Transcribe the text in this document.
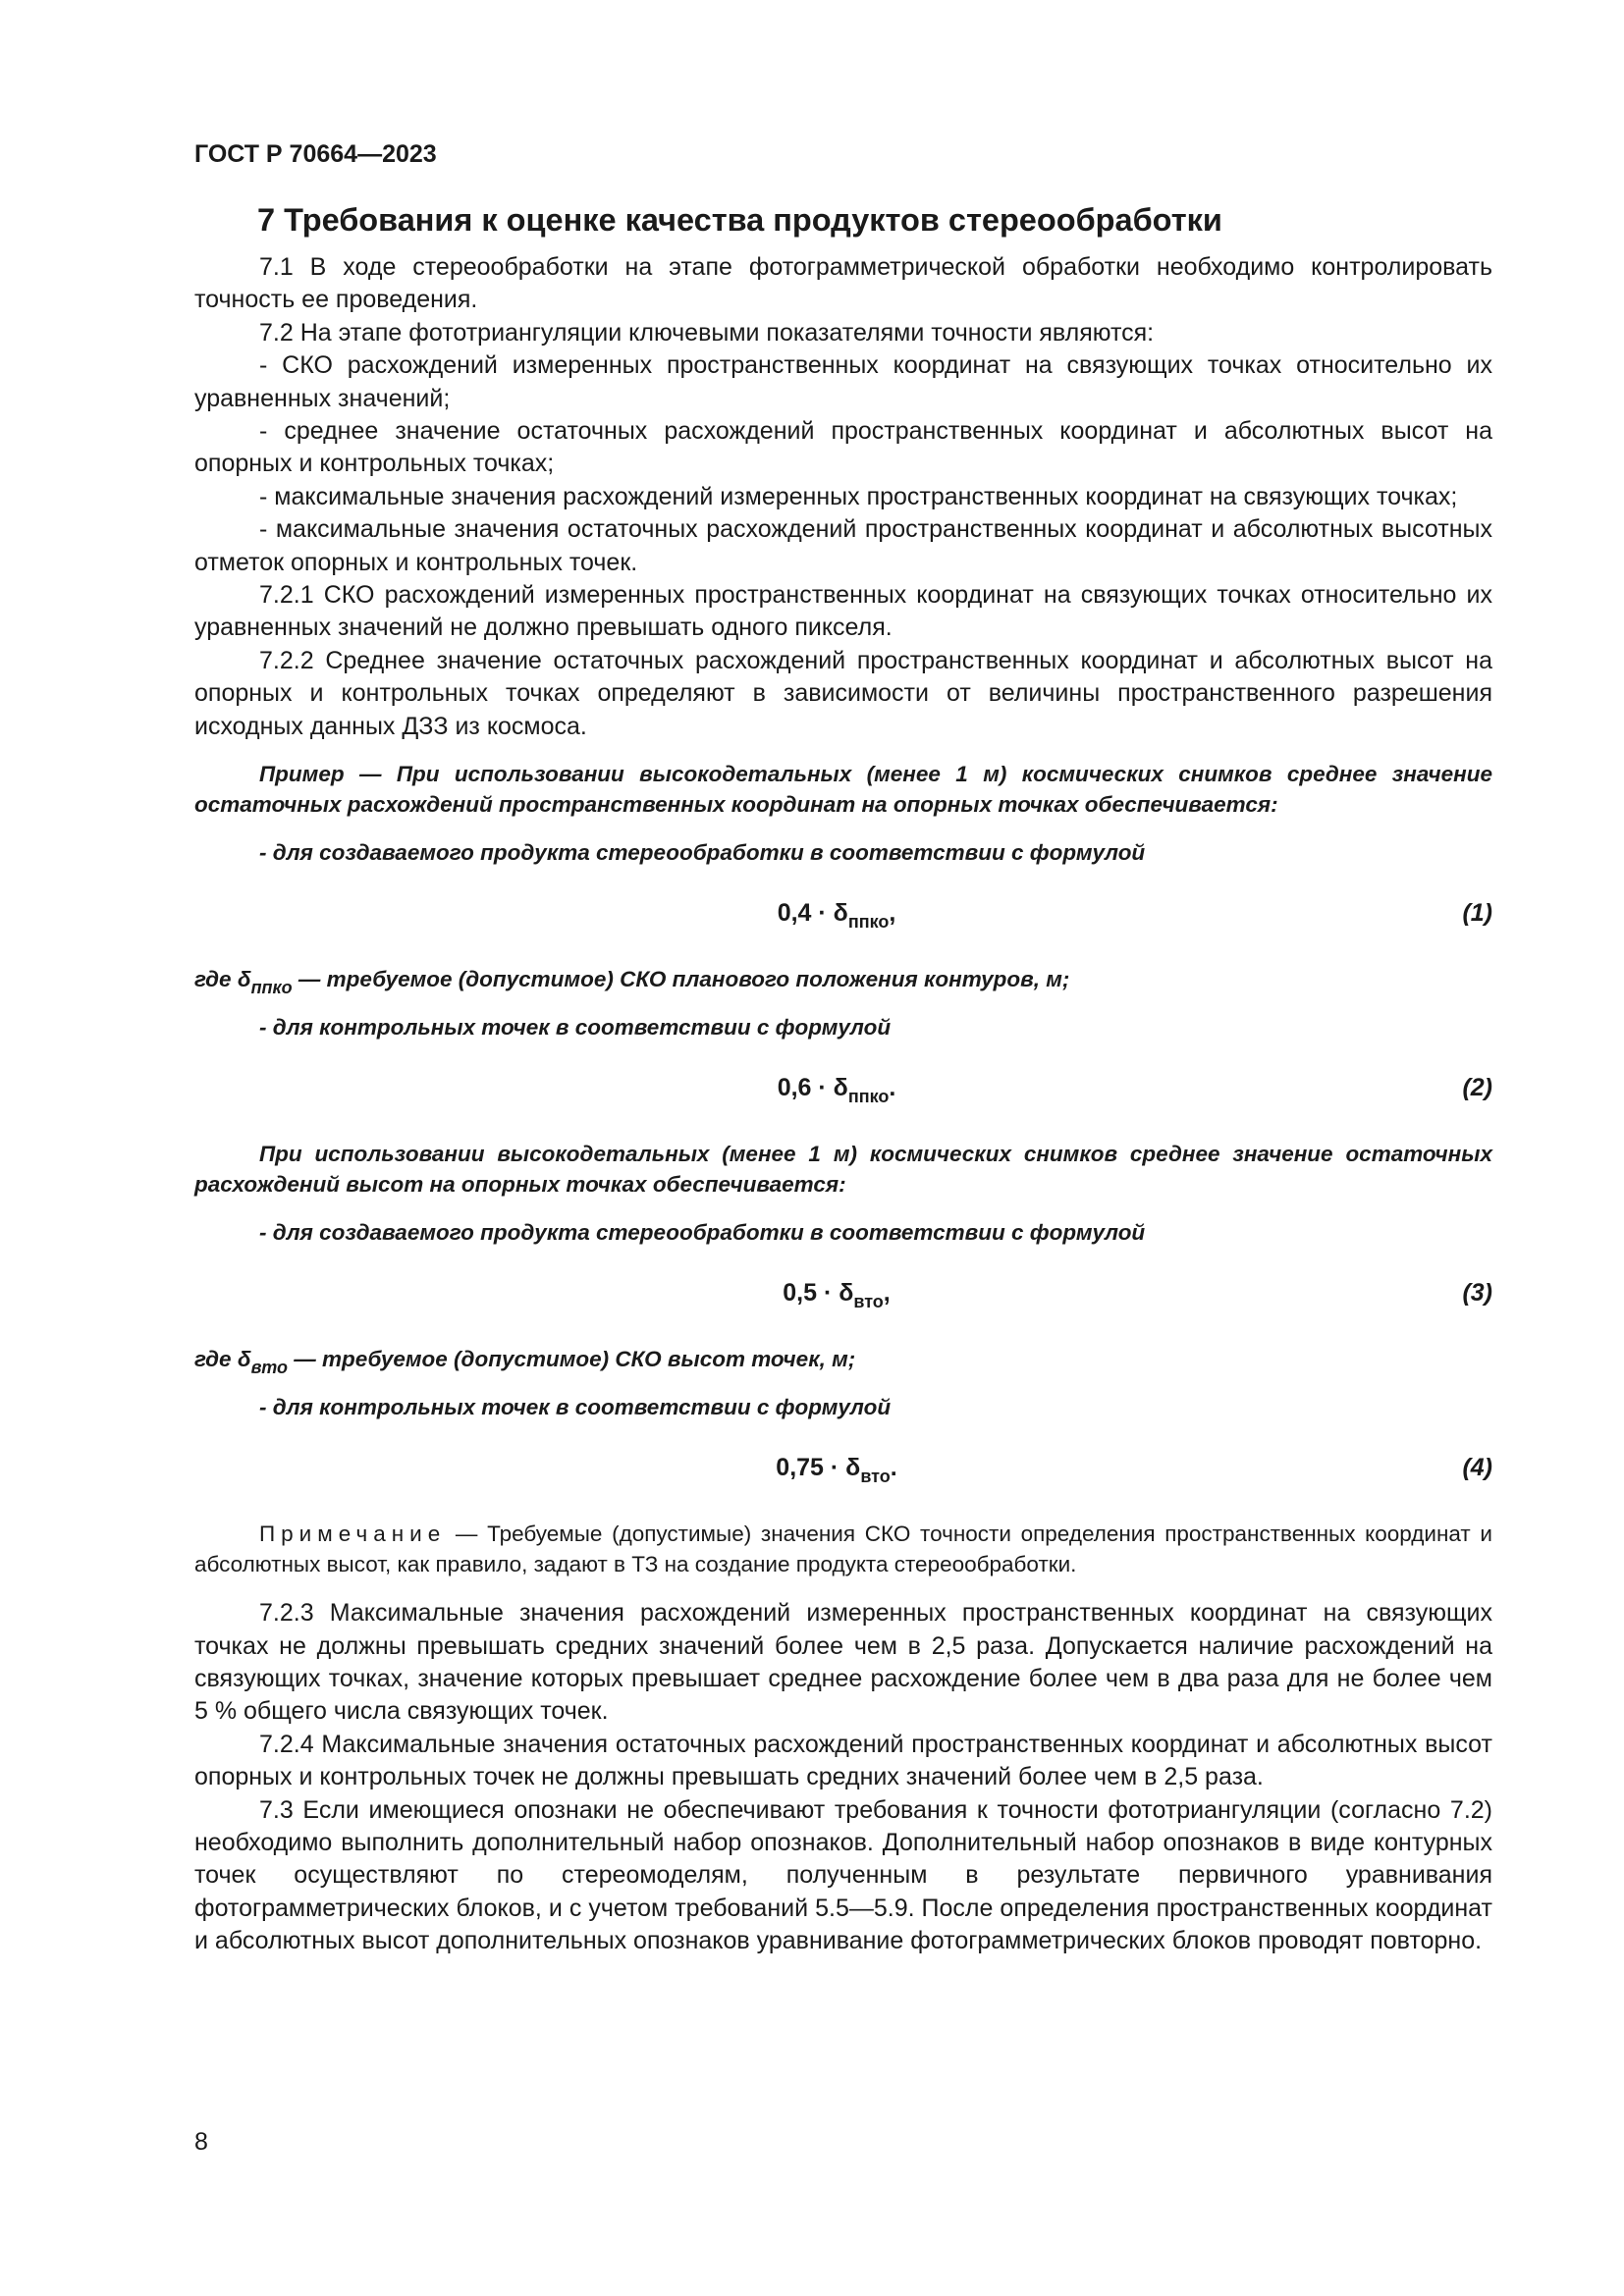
ГОСТ Р 70664—2023
7 Требования к оценке качества продуктов стереообработки

7.1 В ходе стереообработки на этапе фотограмметрической обработки необходимо контролировать точность ее проведения.

7.2 На этапе фототриангуляции ключевыми показателями точности являются:

- СКО расхождений измеренных пространственных координат на связующих точках относительно их уравненных значений;

- среднее значение остаточных расхождений пространственных координат и абсолютных высот на опорных и контрольных точках;

- максимальные значения расхождений измеренных пространственных координат на связующих точках;

- максимальные значения остаточных расхождений пространственных координат и абсолютных высотных отметок опорных и контрольных точек.

7.2.1 СКО расхождений измеренных пространственных координат на связующих точках относительно их уравненных значений не должно превышать одного пикселя.

7.2.2 Среднее значение остаточных расхождений пространственных координат и абсолютных высот на опорных и контрольных точках определяют в зависимости от величины пространственного разрешения исходных данных ДЗЗ из космоса.

Пример — При использовании высокодетальных (менее 1 м) космических снимков среднее значение остаточных расхождений пространственных координат на опорных точках обеспечивается:

- для создаваемого продукта стереообработки в соответствии с формулой

$0,4 \cdot \delta_{ппко}$,	(1)

где $\delta_{ппко}$ — требуемое (допустимое) СКО планового положения контуров, м;

- для контрольных точек в соответствии с формулой

$0,6 \cdot \delta_{ппко}$.	(2)

При использовании высокодетальных (менее 1 м) космических снимков среднее значение остаточных расхождений высот на опорных точках обеспечивается:

- для создаваемого продукта стереообработки в соответствии с формулой

$0,5 \cdot \delta_{вто}$,	(3)

где $\delta_{вто}$ — требуемое (допустимое) СКО высот точек, м;

- для контрольных точек в соответствии с формулой

$0,75 \cdot \delta_{вто}$.	(4)

Примечание — Требуемые (допустимые) значения СКО точности определения пространственных координат и абсолютных высот, как правило, задают в ТЗ на создание продукта стереообработки.

7.2.3 Максимальные значения расхождений измеренных пространственных координат на связующих точках не должны превышать средних значений более чем в 2,5 раза. Допускается наличие расхождений на связующих точках, значение которых превышает среднее расхождение более чем в два раза для не более чем 5 % общего числа связующих точек.

7.2.4 Максимальные значения остаточных расхождений пространственных координат и абсолютных высот опорных и контрольных точек не должны превышать средних значений более чем в 2,5 раза.

7.3 Если имеющиеся опознаки не обеспечивают требования к точности фототриангуляции (согласно 7.2) необходимо выполнить дополнительный набор опознаков. Дополнительный набор опознаков в виде контурных точек осуществляют по стереомоделям, полученным в результате первичного уравнивания фотограмметрических блоков, и с учетом требований 5.5—5.9. После определения пространственных координат и абсолютных высот дополнительных опознаков уравнивание фотограмметрических блоков проводят повторно.

8
